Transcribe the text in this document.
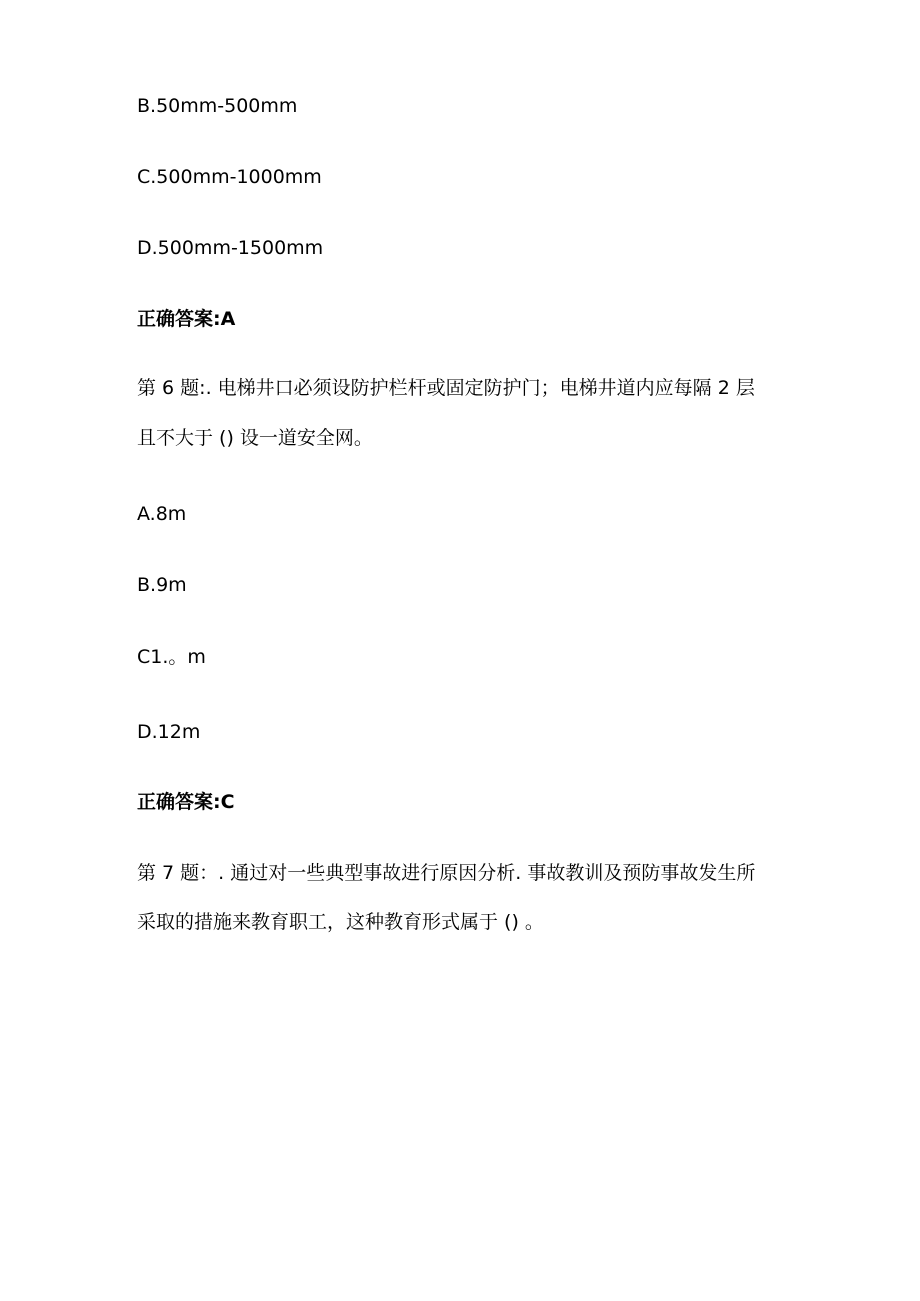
B.50mm-500mm
C.500mm-1000mm
D.500mm-1500mm
正确答案:A
第 6 题:. 电梯井口必须设防护栏杆或固定防护门；电梯井道内应每隔 2 层
且不大于 () 设一道安全网。
A.8m
B.9m
C1.。m
D.12m
正确答案:C
第 7 题：. 通过对一些典型事故进行原因分析. 事故教训及预防事故发生所
采取的措施来教育职工，这种教育形式属于 () 。
